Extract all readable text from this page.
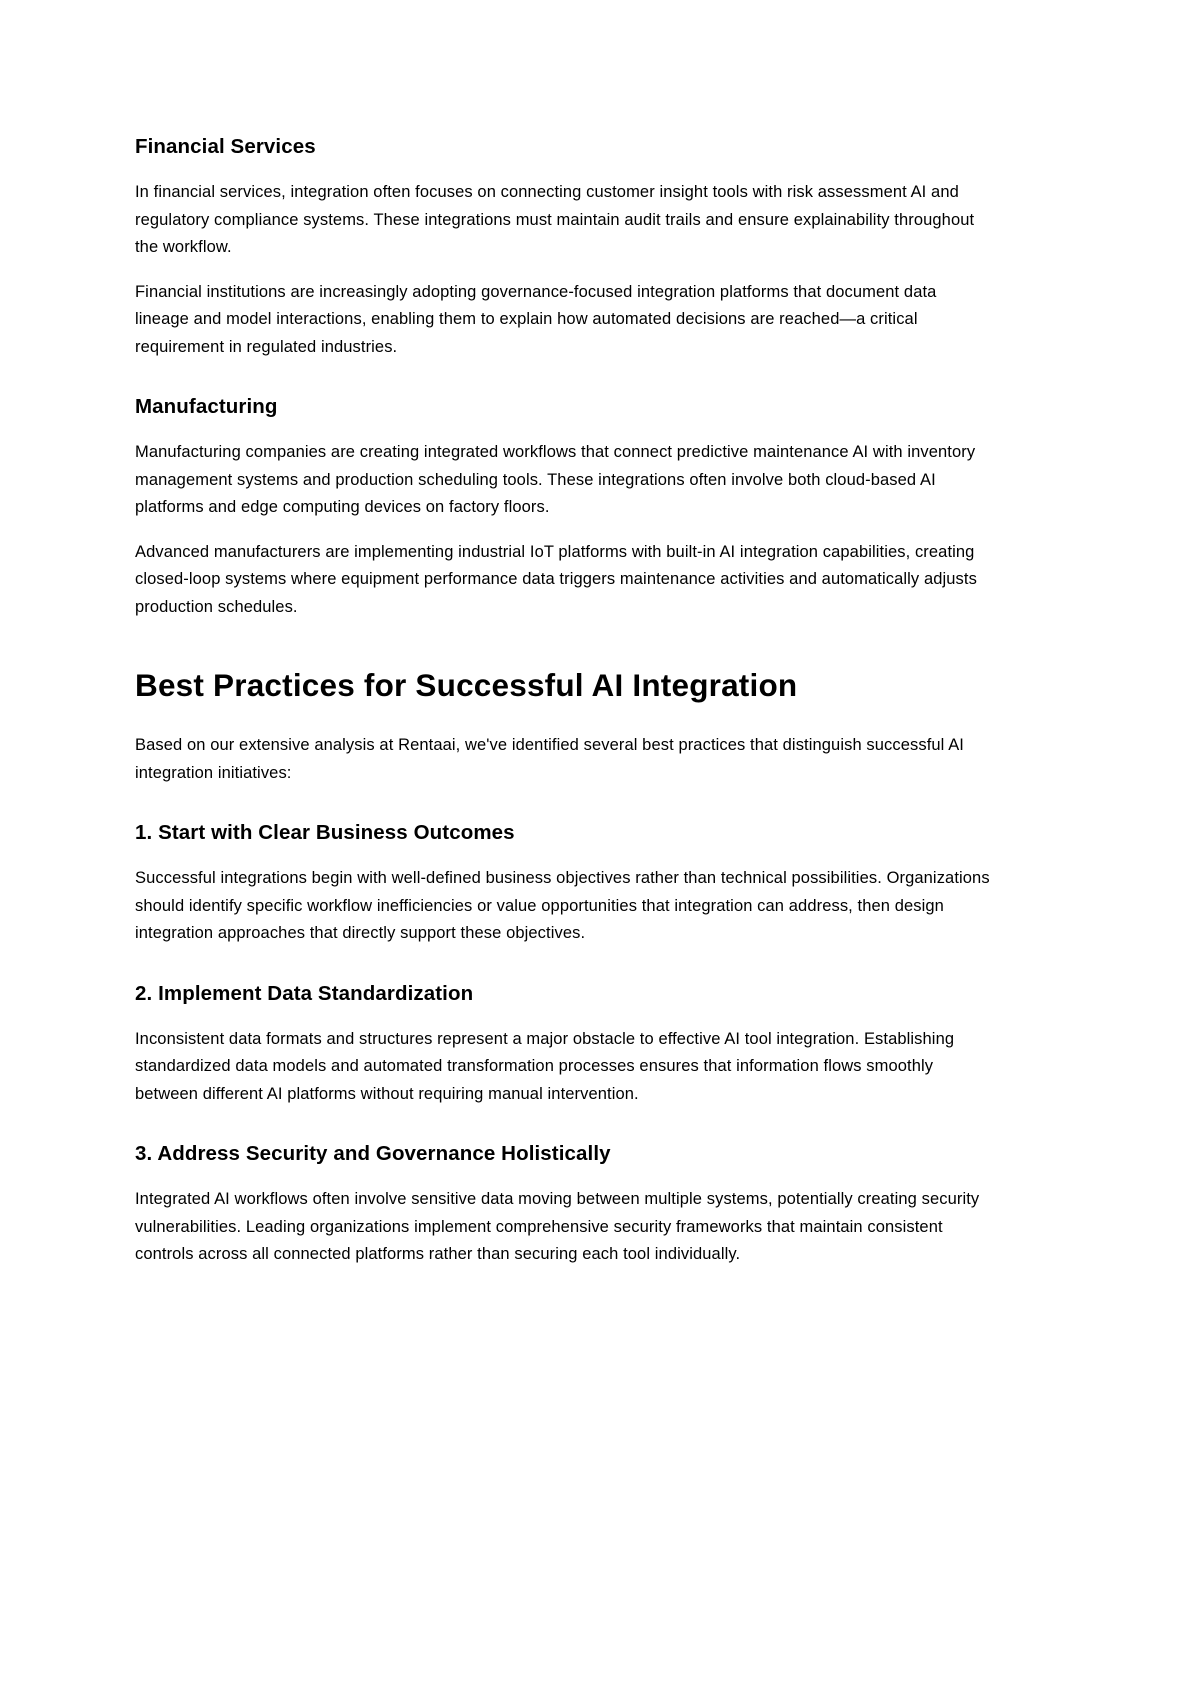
Financial Services

In financial services, integration often focuses on connecting customer insight tools with risk assessment AI and regulatory compliance systems. These integrations must maintain audit trails and ensure explainability throughout the workflow.

Financial institutions are increasingly adopting governance-focused integration platforms that document data lineage and model interactions, enabling them to explain how automated decisions are reached—a critical requirement in regulated industries.

Manufacturing

Manufacturing companies are creating integrated workflows that connect predictive maintenance AI with inventory management systems and production scheduling tools. These integrations often involve both cloud-based AI platforms and edge computing devices on factory floors.

Advanced manufacturers are implementing industrial IoT platforms with built-in AI integration capabilities, creating closed-loop systems where equipment performance data triggers maintenance activities and automatically adjusts production schedules.

Best Practices for Successful AI Integration

Based on our extensive analysis at Rentaai, we've identified several best practices that distinguish successful AI integration initiatives:

1. Start with Clear Business Outcomes

Successful integrations begin with well-defined business objectives rather than technical possibilities. Organizations should identify specific workflow inefficiencies or value opportunities that integration can address, then design integration approaches that directly support these objectives.

2. Implement Data Standardization

Inconsistent data formats and structures represent a major obstacle to effective AI tool integration. Establishing standardized data models and automated transformation processes ensures that information flows smoothly between different AI platforms without requiring manual intervention.

3. Address Security and Governance Holistically

Integrated AI workflows often involve sensitive data moving between multiple systems, potentially creating security vulnerabilities. Leading organizations implement comprehensive security frameworks that maintain consistent controls across all connected platforms rather than securing each tool individually.
